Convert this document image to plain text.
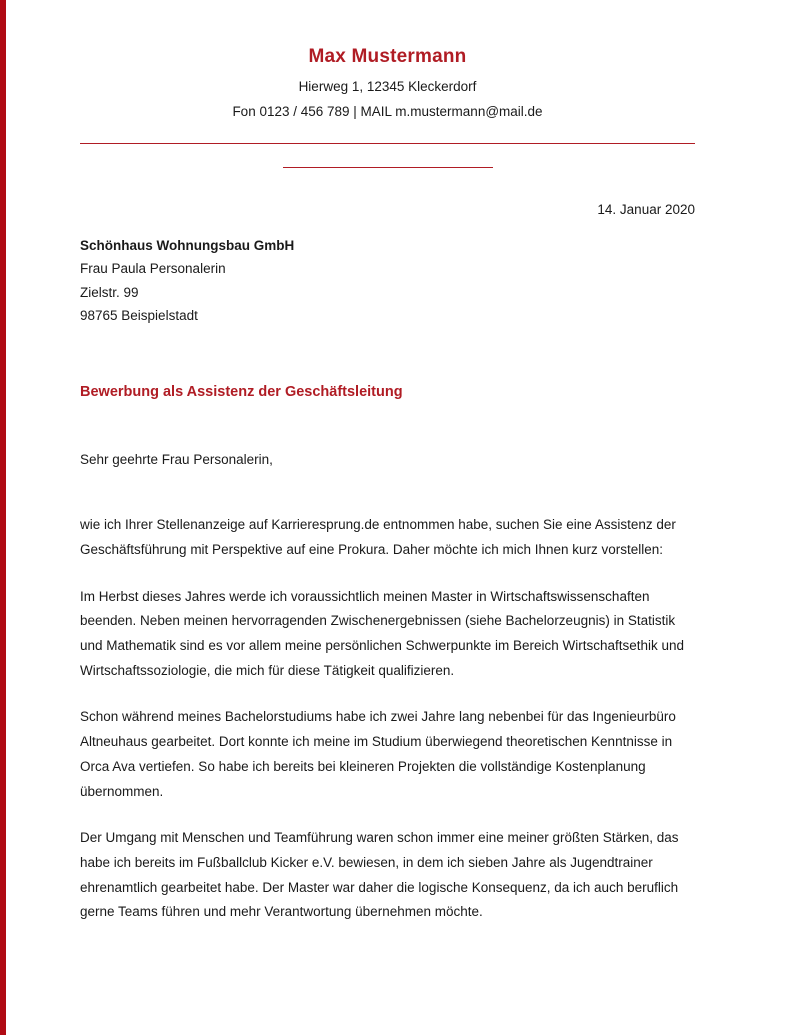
Max Mustermann
Hierweg 1, 12345 Kleckerdorf
Fon 0123 / 456 789 | MAIL m.mustermann@mail.de
14. Januar 2020
Schönhaus Wohnungsbau GmbH
Frau Paula Personalerin
Zielstr. 99
98765 Beispielstadt
Bewerbung als Assistenz der Geschäftsleitung

Sehr geehrte Frau Personalerin,

wie ich Ihrer Stellenanzeige auf Karrieresprung.de entnommen habe, suchen Sie eine Assistenz der Geschäftsführung mit Perspektive auf eine Prokura. Daher möchte ich mich Ihnen kurz vorstellen:

Im Herbst dieses Jahres werde ich voraussichtlich meinen Master in Wirtschaftswissenschaften beenden. Neben meinen hervorragenden Zwischenergebnissen (siehe Bachelorzeugnis) in Statistik und Mathematik sind es vor allem meine persönlichen Schwerpunkte im Bereich Wirtschaftsethik und Wirtschaftssoziologie, die mich für diese Tätigkeit qualifizieren.

Schon während meines Bachelorstudiums habe ich zwei Jahre lang nebenbei für das Ingenieurbüro Altneuhaus gearbeitet. Dort konnte ich meine im Studium überwiegend theoretischen Kenntnisse in Orca Ava vertiefen. So habe ich bereits bei kleineren Projekten die vollständige Kostenplanung übernommen.

Der Umgang mit Menschen und Teamführung waren schon immer eine meiner größten Stärken, das habe ich bereits im Fußballclub Kicker e.V. bewiesen, in dem ich sieben Jahre als Jugendtrainer ehrenamtlich gearbeitet habe. Der Master war daher die logische Konsequenz, da ich auch beruflich gerne Teams führen und mehr Verantwortung übernehmen möchte.
